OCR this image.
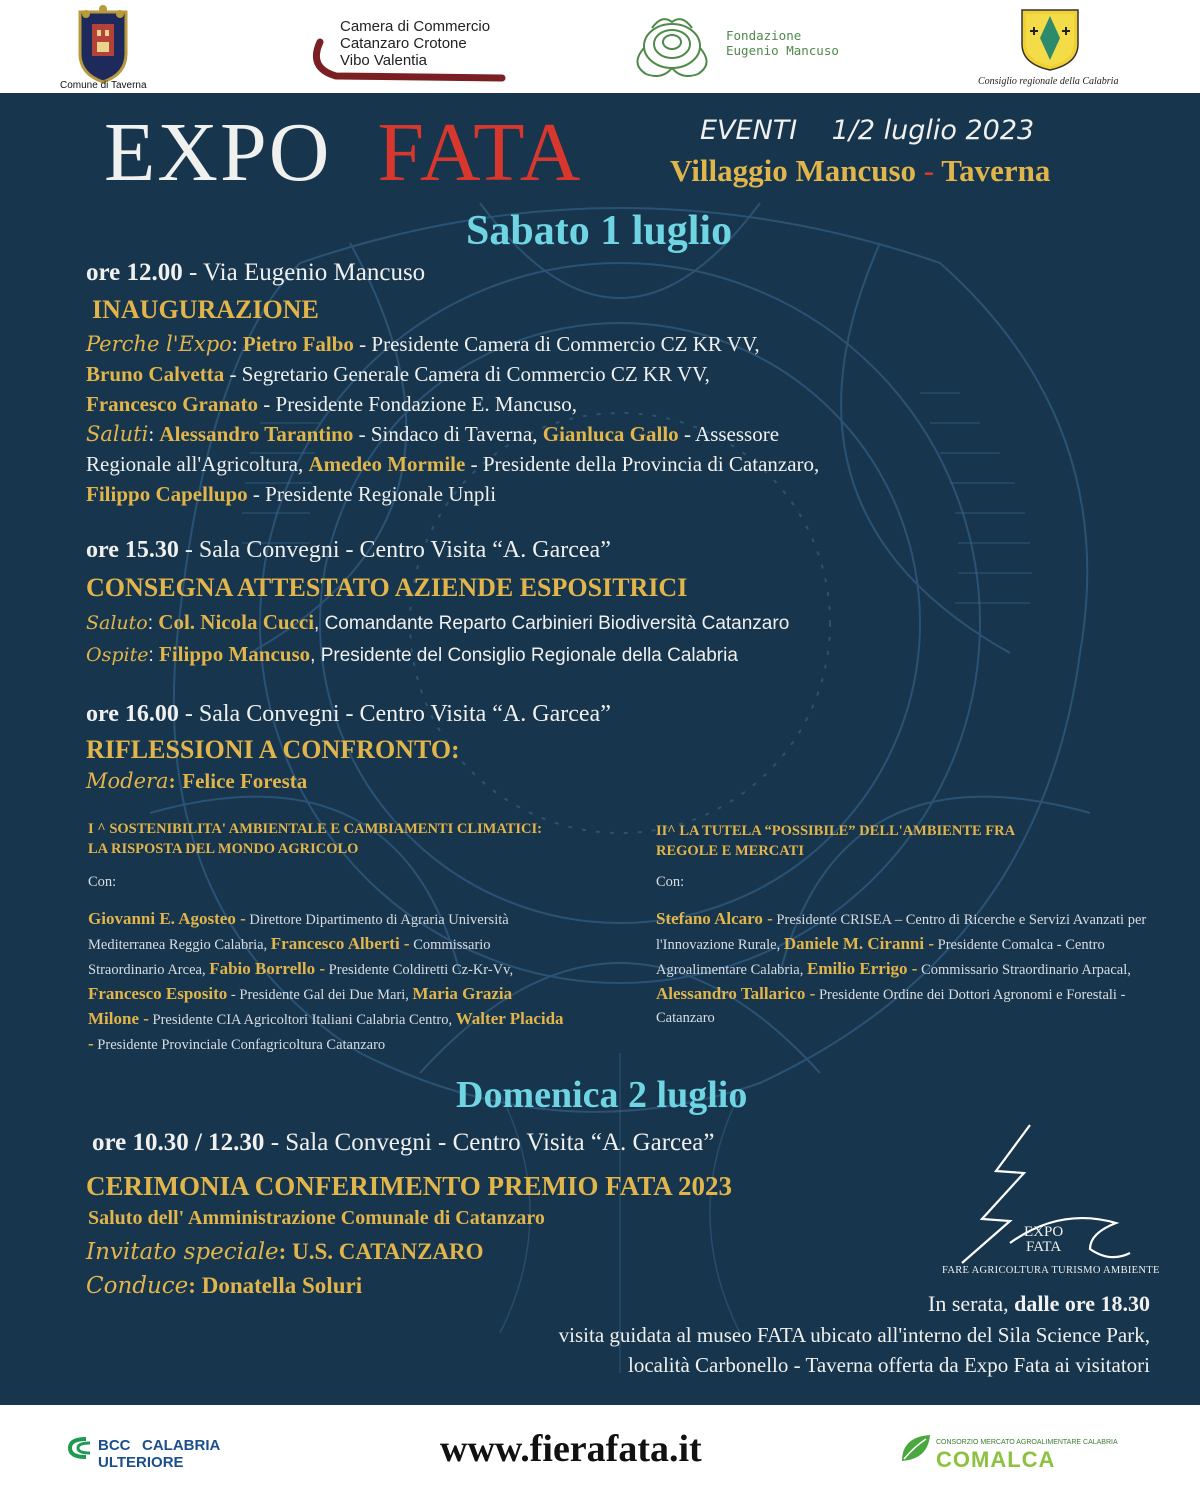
Comune di Taverna
Camera di Commercio
Catanzaro Crotone
Vibo Valentia
Fondazione
Eugenio Mancuso
Consiglio regionale della Calabria
EXPO FATA	EVENTI 1/2 luglio 2023
Villaggio Mancuso - Taverna
Sabato 1 luglio
ore 12.00 - Via Eugenio Mancuso
INAUGURAZIONE
Perche l'Expo: Pietro Falbo - Presidente Camera di Commercio CZ KR VV,
Bruno Calvetta - Segretario Generale Camera di Commercio CZ KR VV,
Francesco Granato - Presidente Fondazione E. Mancuso,
Saluti: Alessandro Tarantino - Sindaco di Taverna, Gianluca Gallo - Assessore
Regionale all'Agricoltura, Amedeo Mormile - Presidente della Provincia di Catanzaro,
Filippo Capellupo - Presidente Regionale Unpli
ore 15.30 - Sala Convegni - Centro Visita “A. Garcea”
CONSEGNA ATTESTATO AZIENDE ESPOSITRICI
Saluto: Col. Nicola Cucci, Comandante Reparto Carbinieri Biodiversità Catanzaro
Ospite: Filippo Mancuso, Presidente del Consiglio Regionale della Calabria
ore 16.00 - Sala Convegni - Centro Visita “A. Garcea”
RIFLESSIONI A CONFRONTO:
Modera: Felice Foresta
I ^ SOSTENIBILITA' AMBIENTALE E CAMBIAMENTI CLIMATICI:
LA RISPOSTA DEL MONDO AGRICOLO
Con:
Giovanni E. Agosteo - Direttore Dipartimento di Agraria Università Mediterranea Reggio Calabria, Francesco Alberti - Commissario Straordinario Arcea, Fabio Borrello - Presidente Coldiretti Cz-Kr-Vv, Francesco Esposito - Presidente Gal dei Due Mari, Maria Grazia Milone - Presidente CIA Agricoltori Italiani Calabria Centro, Walter Placida - Presidente Provinciale Confagricoltura Catanzaro
II^ LA TUTELA “POSSIBILE” DELL'AMBIENTE FRA
REGOLE E MERCATI
Con:
Stefano Alcaro - Presidente CRISEA – Centro di Ricerche e Servizi Avanzati per l'Innovazione Rurale, Daniele M. Ciranni - Presidente Comalca - Centro Agroalimentare Calabria, Emilio Errigo - Commissario Straordinario Arpacal, Alessandro Tallarico - Presidente Ordine dei Dottori Agronomi e Forestali - Catanzaro
Domenica 2 luglio
ore 10.30 / 12.30 - Sala Convegni - Centro Visita “A. Garcea”
CERIMONIA CONFERIMENTO PREMIO FATA 2023
Saluto dell' Amministrazione Comunale di Catanzaro
Invitato speciale: U.S. CATANZARO
Conduce: Donatella Soluri
EXPO
FATA
FARE AGRICOLTURA TURISMO AMBIENTE
In serata, dalle ore 18.30
visita guidata al museo FATA ubicato all'interno del Sila Science Park,
località Carbonello - Taverna offerta da Expo Fata ai visitatori
BCC CALABRIA
ULTERIORE	www.fierafata.it	CONSORZIO MERCATO AGROALIMENTARE CALABRIA
COMALCA
